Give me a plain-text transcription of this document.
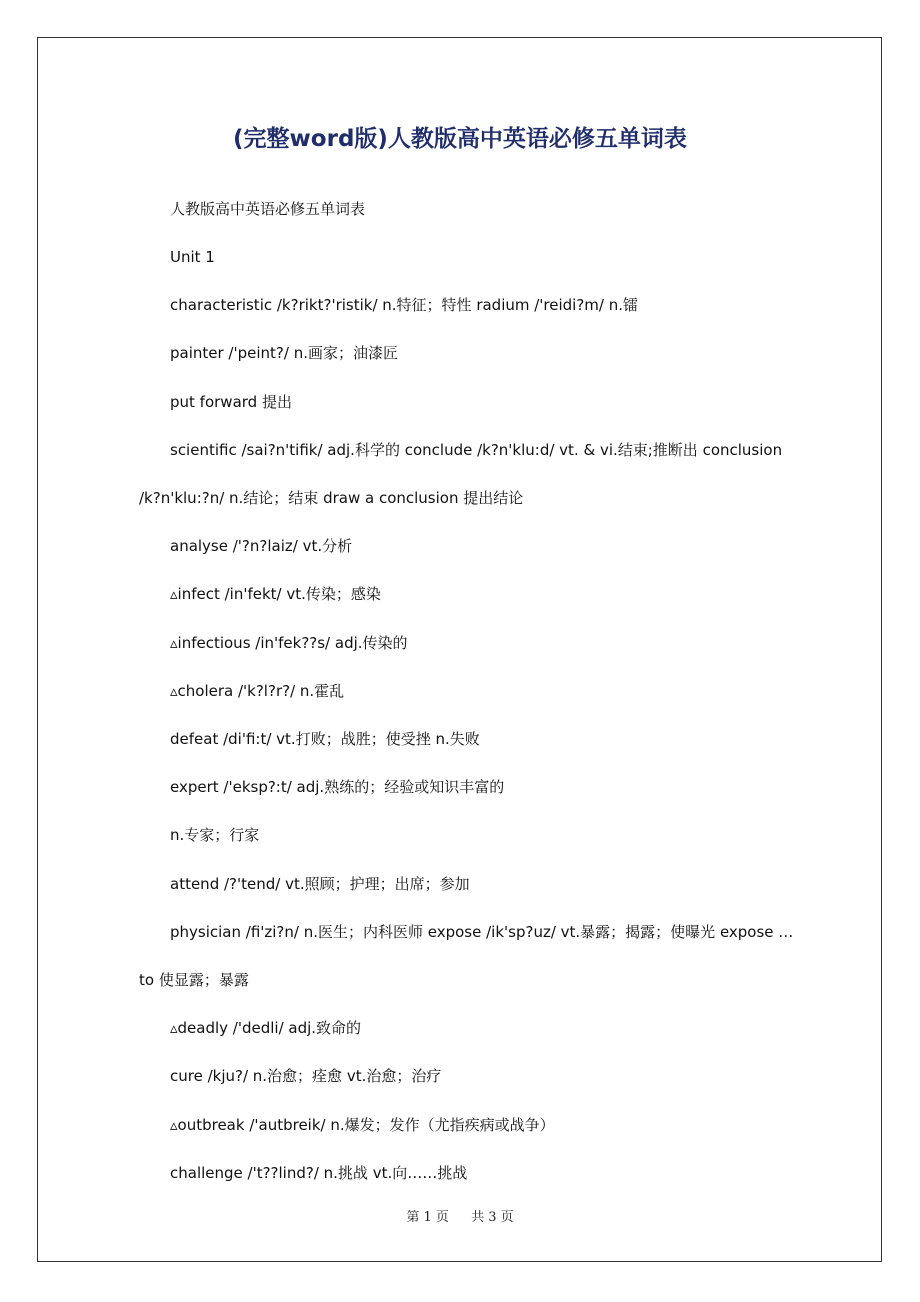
(完整word版)人教版高中英语必修五单词表
人教版高中英语必修五单词表
Unit 1
characteristic /k?rikt?'ristik/ n.特征；特性 radium /'reidi?m/ n.镭
painter /'peint?/ n.画家；油漆匠
put forward 提出
scientific /sai?n'tifik/ adj.科学的 conclude /k?n'klu:d/ vt. & vi.结束;推断出 conclusion
/k?n'klu:?n/ n.结论；结束 draw a conclusion 提出结论
analyse /'?n?laiz/ vt.分析
▵infect /in'fekt/ vt.传染；感染
▵infectious /in'fek??s/ adj.传染的
▵cholera /'k?l?r?/ n.霍乱
defeat /di'fi:t/ vt.打败；战胜；使受挫 n.失败
expert /'eksp?:t/ adj.熟练的；经验或知识丰富的
n.专家；行家
attend /?'tend/ vt.照顾；护理；出席；参加
physician /fi'zi?n/ n.医生；内科医师 expose /ik'sp?uz/ vt.暴露；揭露；使曝光 expose …
to 使显露；暴露
▵deadly /'dedli/ adj.致命的
cure /kju?/ n.治愈；痊愈 vt.治愈；治疗
▵outbreak /'autbreik/ n.爆发；发作（尤指疾病或战争）
challenge /'t??lind?/ n.挑战 vt.向……挑战
第 1 页 共 3 页
